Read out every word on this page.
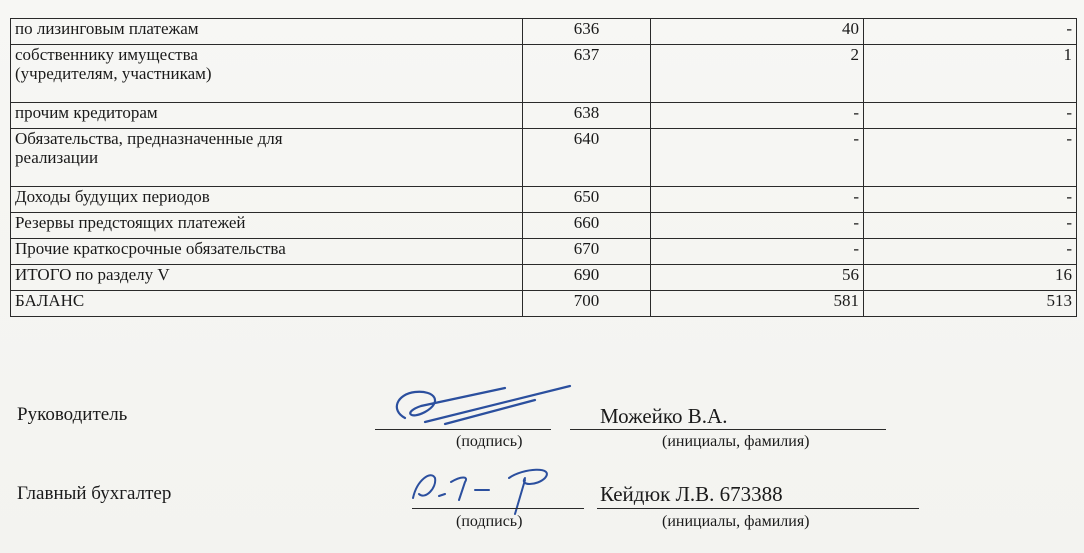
по лизинговым платежам	636	40	-

собственнику имущества
(учредителям, участникам)	637	2	1
прочим кредиторам	638	-	-

Обязательства, предназначенные для
реализации	640	-	-
Доходы будущих периодов	650	-	-
Резервы предстоящих платежей	660	-	-
Прочие краткосрочные обязательства	670	-	-
ИТОГО по разделу V	690	56	16
БАЛАНС	700	581	513
Руководитель
(подпись)
Можейко В.А.
(инициалы, фамилия)
Главный бухгалтер
(подпись)
Кейдюк Л.В. 673388
(инициалы, фамилия)
